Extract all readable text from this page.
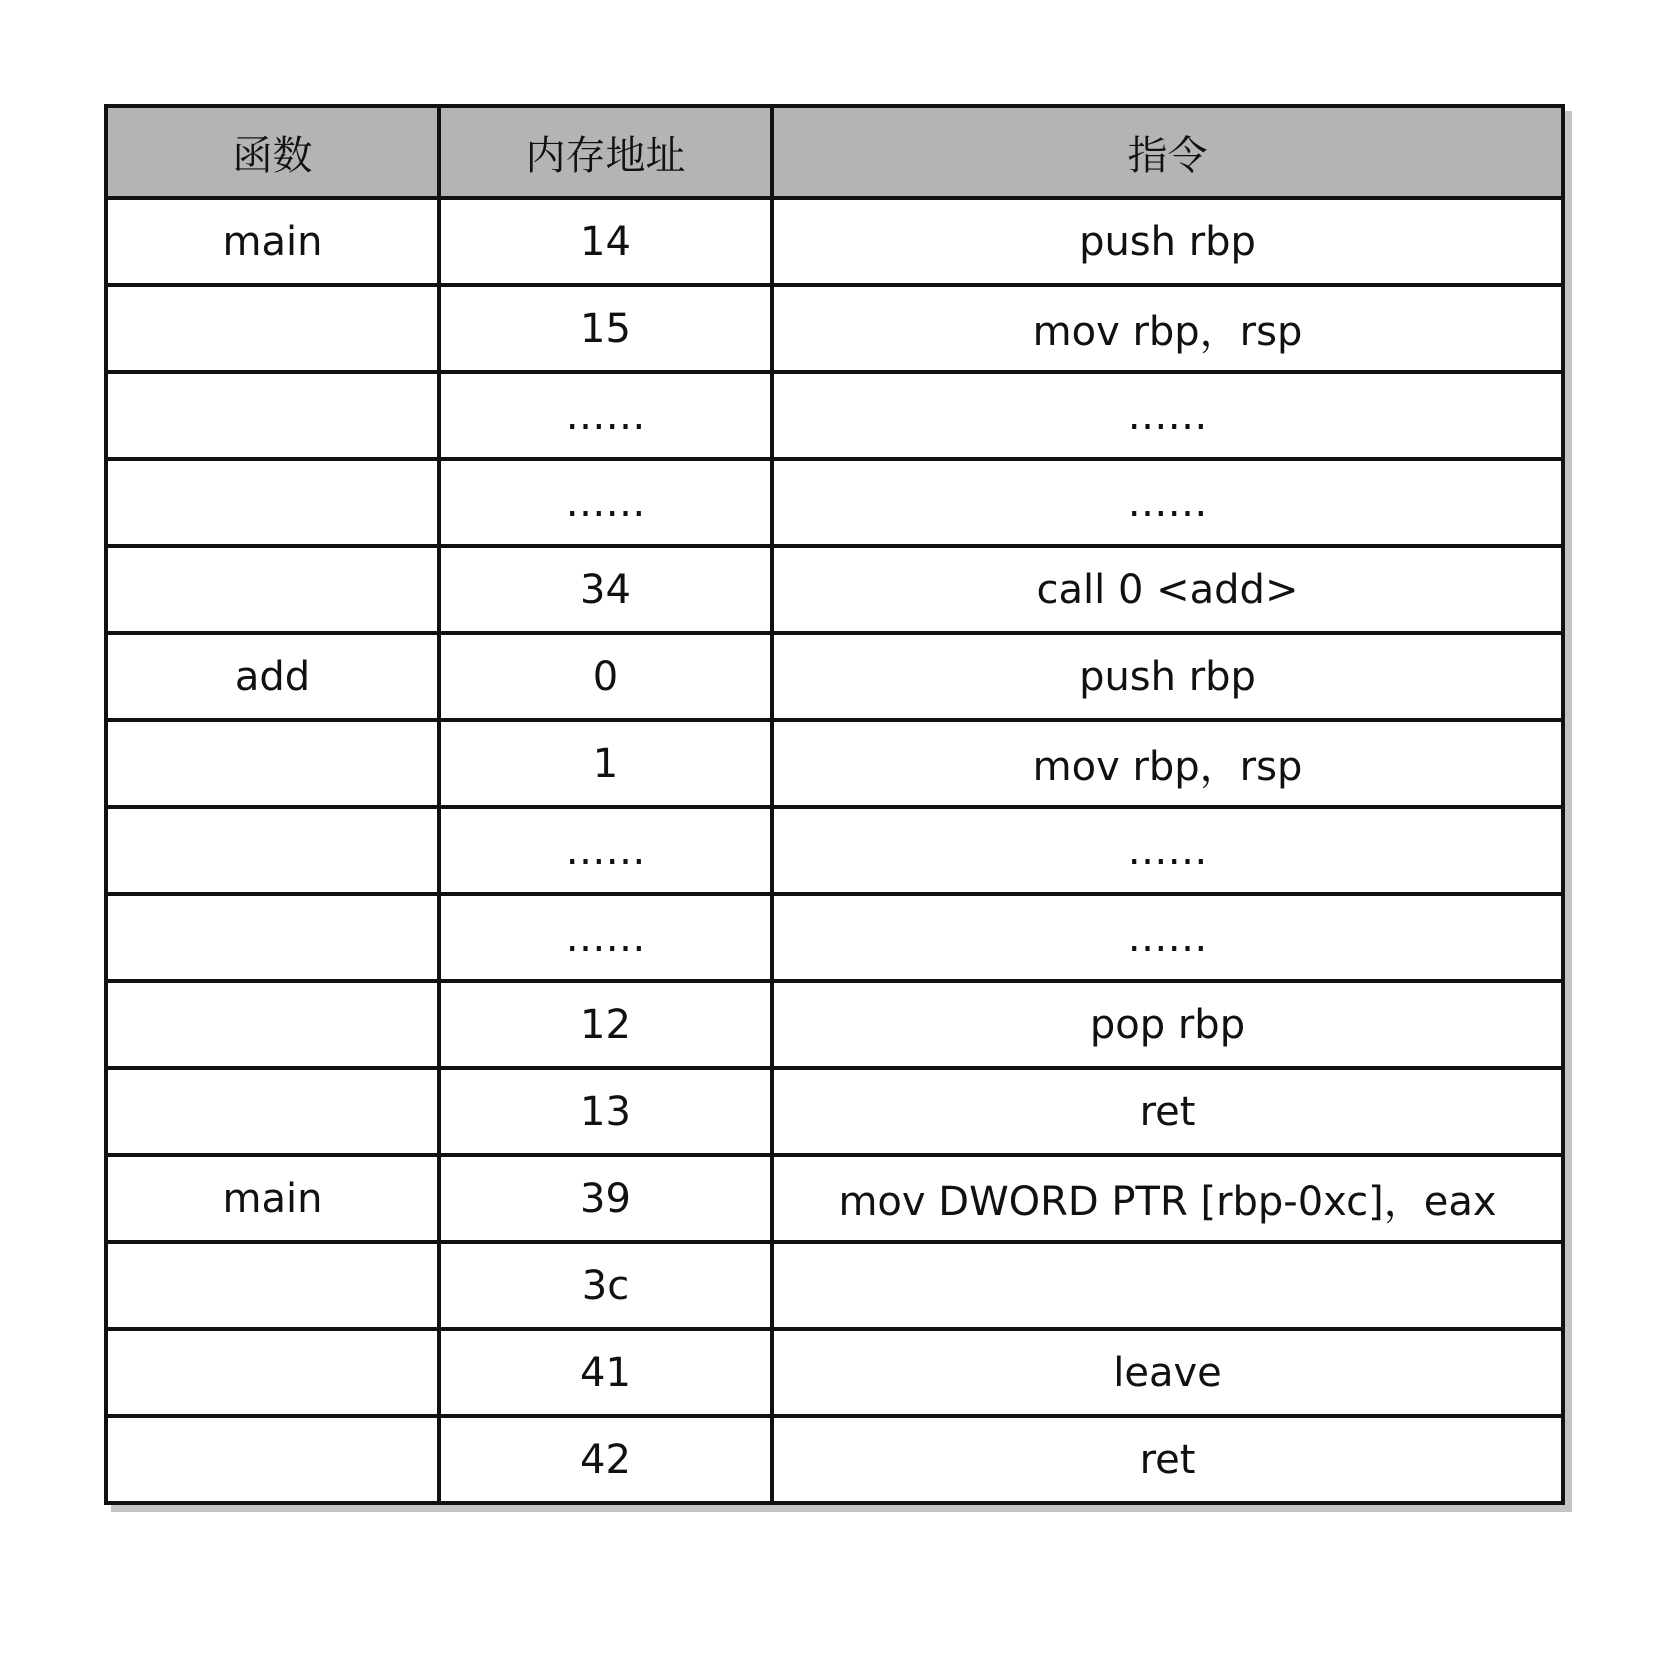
函数	内存地址	指令
main	14	push rbp
	15	mov rbp，rsp
	……	……
	……	……
	34	call 0 <add>
add	0	push rbp
	1	mov rbp，rsp
	……	……
	……	……
	12	pop rbp
	13	ret
main	39	mov DWORD PTR [rbp-0xc]，eax
	3c	
	41	leave
	42	ret
